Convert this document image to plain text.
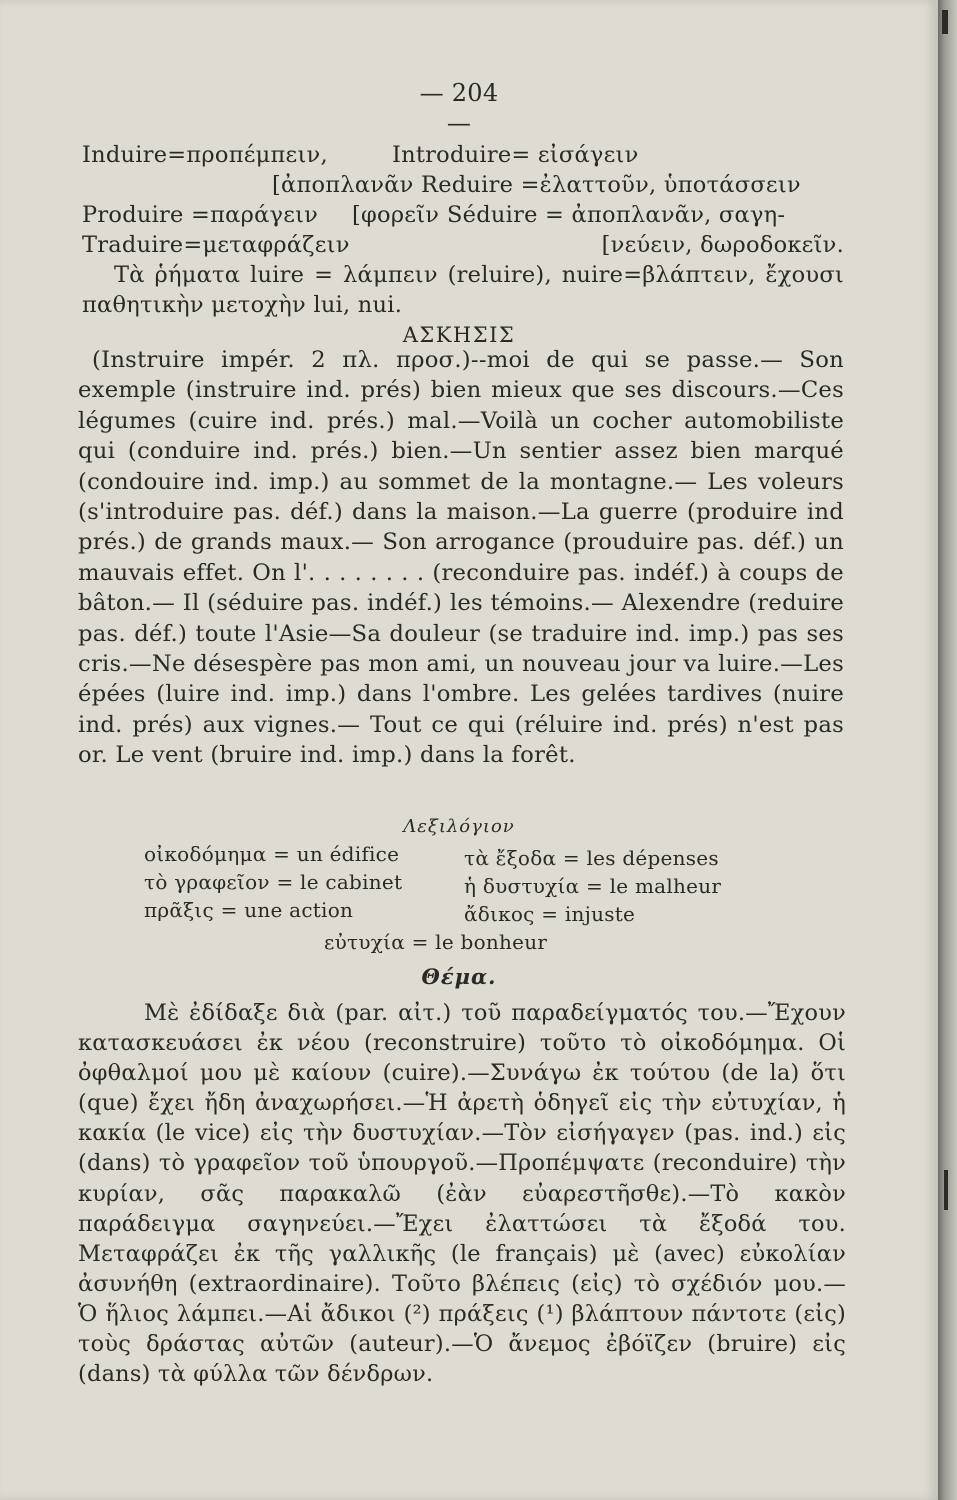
— 204 —
Induire=προπέμπειν,	Introduire= εἰσάγειν
[ἀποπλανᾶν Reduire =ἐλαττοῦν, ὑποτάσσειν
Produire =παράγειν [φορεῖν Séduire = ἀποπλανᾶν, σαγη-
Traduire=μεταφράζειν	[νεύειν, δωροδοκεῖν.
Τὰ ῥήματα luire = λάμπειν (reluire), nuire=βλάπτειν, ἔχουσι παθητικὴν μετοχὴν lui, nui.
ΑΣΚΗΣΙΣ
(Instruire impér. 2 πλ. προσ.)--moi de qui se passe.— Son exemple (instruire ind. prés) bien mieux que ses discours.—Ces légumes (cuire ind. prés.) mal.—Voilà un cocher automobiliste qui (conduire ind. prés.) bien.—Un sentier assez bien marqué (condouire ind. imp.) au sommet de la montagne.— Les voleurs (s'introduire pas. déf.) dans la maison.—La guerre (produire ind prés.) de grands maux.— Son arrogance (prouduire pas. déf.) un mauvais effet. On l'. . . . . . . . (reconduire pas. indéf.) à coups de bâton.— Il (séduire pas. indéf.) les témoins.— Alexendre (reduire pas. déf.) toute l'Asie—Sa douleur (se traduire ind. imp.) pas ses cris.—Ne désespère pas mon ami, un nouveau jour va luire.—Les épées (luire ind. imp.) dans l'ombre. Les gelées tardives (nuire ind. prés) aux vignes.— Tout ce qui (réluire ind. prés) n'est pas or. Le vent (bruire ind. imp.) dans la forêt.
Λεξιλόγιον
οἰκοδόμημα = un édifice	τὰ ἔξοδα = les dépenses
τὸ γραφεῖον = le cabinet	ἡ δυστυχία = le malheur
πρᾶξις = une action	ἄδικος = injuste
εὐτυχία = le bonheur
Θέμα.
Μὲ ἐδίδαξε διὰ (par. αἰτ.) τοῦ παραδείγματός του.—Ἔχουν κατασκευάσει ἐκ νέου (reconstruire) τοῦτο τὸ οἰκοδόμημα. Οἱ ὀφθαλμοί μου μὲ καίουν (cuire).—Συνάγω ἐκ τούτου (de la) ὅτι (que) ἔχει ἤδη ἀναχωρήσει.—Ἡ ἀρετὴ ὁδηγεῖ εἰς τὴν εὐτυχίαν, ἡ κακία (le vice) εἰς τὴν δυστυχίαν.—Τὸν εἰσήγαγεν (pas. ind.) εἰς (dans) τὸ γραφεῖον τοῦ ὑπουργοῦ.—Προπέμψατε (reconduire) τὴν κυρίαν, σᾶς παρακαλῶ (ἐὰν εὐαρεστῆσθε).—Τὸ κακὸν παράδειγμα σαγηνεύει.—Ἔχει ἐλαττώσει τὰ ἔξοδά του. Μεταφράζει ἐκ τῆς γαλλικῆς (le français) μὲ (avec) εὐκολίαν ἀσυνήθη (extraordinaire). Τοῦτο βλέπεις (εἰς) τὸ σχέδιόν μου.— Ὁ ἥλιος λάμπει.—Αἱ ἄδικοι (²) πράξεις (¹) βλάπτουν πάντοτε (εἰς) τοὺς δράστας αὐτῶν (auteur).—Ὁ ἄνεμος ἐβόϊζεν (bruire) εἰς (dans) τὰ φύλλα τῶν δένδρων.
